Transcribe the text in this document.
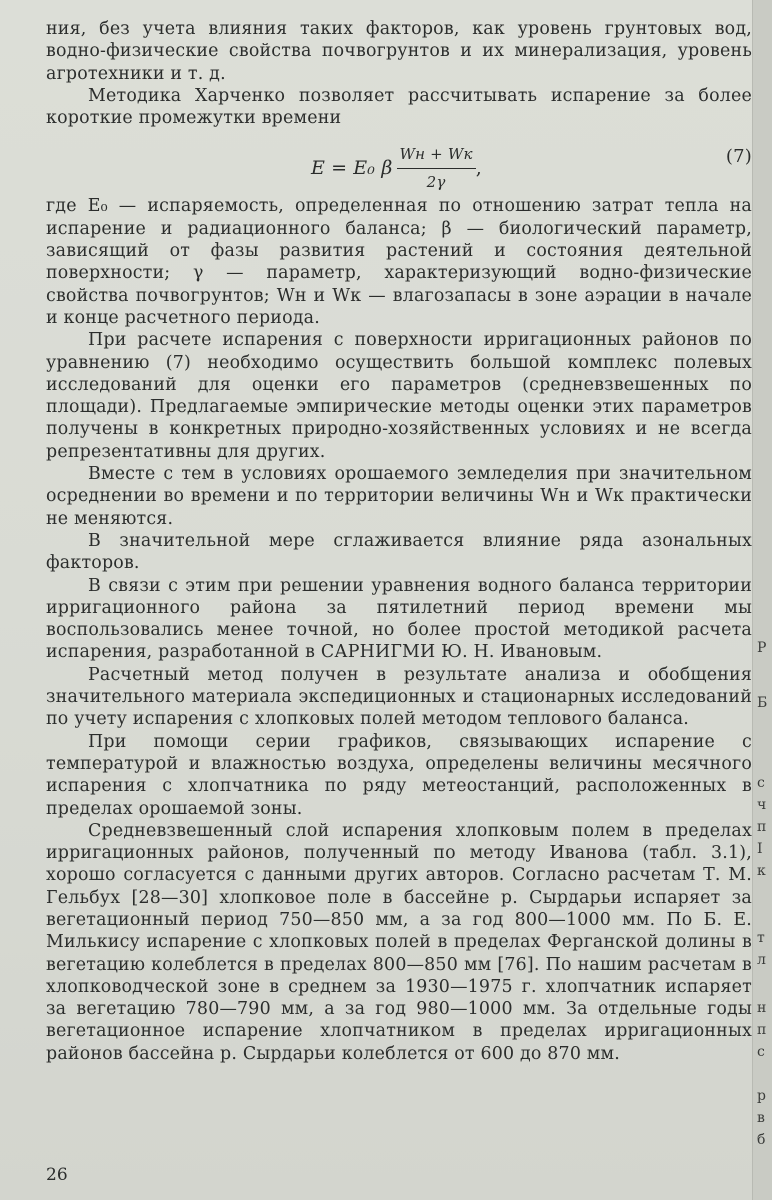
ния, без учета влияния таких факторов, как уровень грунтовых вод, водно-физические свойства почвогрунтов и их минерализация, уровень агротехники и т. д.

Методика Харченко позволяет рассчитывать испарение за более короткие промежутки времени

E = E₀ β $\frac{Wн + Wк}{2\gamma}$ ,
(7)

где E₀ — испаряемость, определенная по отношению затрат тепла на испарение и радиационного баланса; β — биологический параметр, зависящий от фазы развития растений и состояния деятельной поверхности; γ — параметр, характеризующий водно-физические свойства почвогрунтов; Wн и Wк — влагозапасы в зоне аэрации в начале и конце расчетного периода.

При расчете испарения с поверхности ирригационных районов по уравнению (7) необходимо осуществить большой комплекс полевых исследований для оценки его параметров (средневзвешенных по площади). Предлагаемые эмпирические методы оценки этих параметров получены в конкретных природно-хозяйственных условиях и не всегда репрезентативны для других.

Вместе с тем в условиях орошаемого земледелия при значительном осреднении во времени и по территории величины Wн и Wк практически не меняются.

В значительной мере сглаживается влияние ряда азональных факторов.

В связи с этим при решении уравнения водного баланса территории ирригационного района за пятилетний период времени мы воспользовались менее точной, но более простой методикой расчета испарения, разработанной в САРНИГМИ Ю. Н. Ивановым.

Расчетный метод получен в результате анализа и обобщения значительного материала экспедиционных и стационарных исследований по учету испарения с хлопковых полей методом теплового баланса.

При помощи серии графиков, связывающих испарение с температурой и влажностью воздуха, определены величины месячного испарения с хлопчатника по ряду метеостанций, расположенных в пределах орошаемой зоны.

Средневзвешенный слой испарения хлопковым полем в пределах ирригационных районов, полученный по методу Иванова (табл. 3.1), хорошо согласуется с данными других авторов. Согласно расчетам Т. М. Гельбух [28—30] хлопковое поле в бассейне р. Сырдарьи испаряет за вегетационный период 750—850 мм, а за год 800—1000 мм. По Б. Е. Милькису испарение с хлопковых полей в пределах Ферганской долины в вегетацию колеблется в пределах 800—850 мм [76]. По нашим расчетам в хлопководческой зоне в среднем за 1930—1975 г. хлопчатник испаряет за вегетацию 780—790 мм, а за год 980—1000 мм. За отдельные годы вегетационное испарение хлопчатником в пределах ирригационных районов бассейна р. Сырдарьи колеблется от 600 до 870 мм.

26
Р
Б
с
ч
п
I
к
т
л
н
п
с
р
в
б
